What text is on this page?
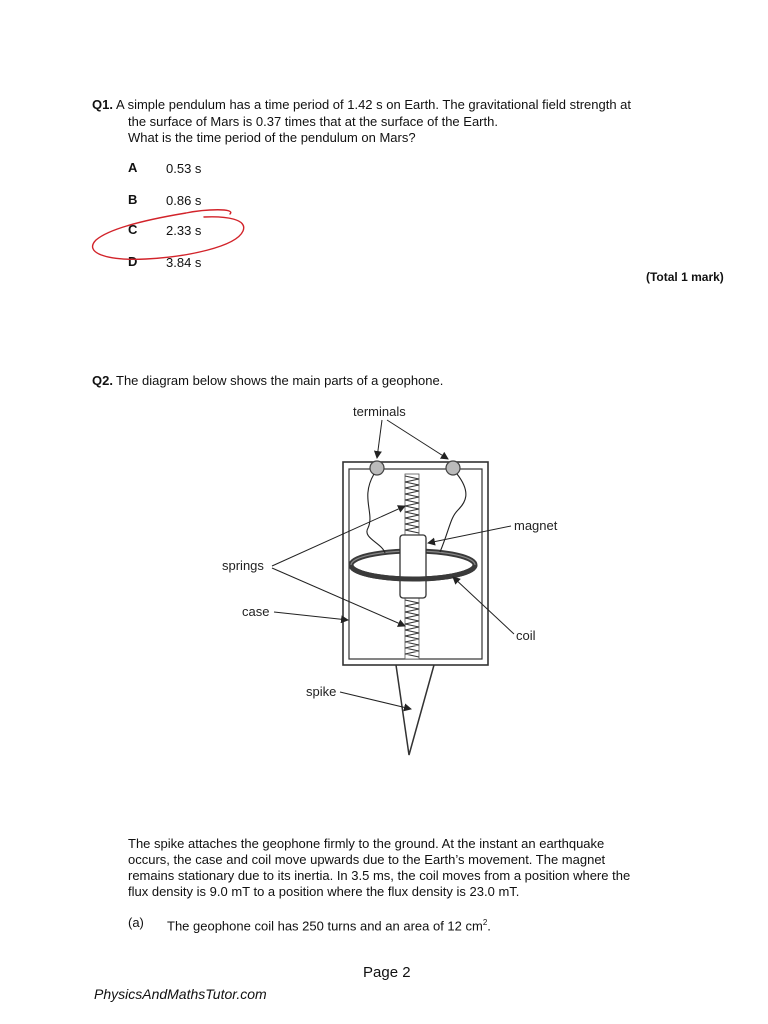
Q1. A simple pendulum has a time period of 1.42 s on Earth. The gravitational field strength at
the surface of Mars is 0.37 times that at the surface of the Earth.
What is the time period of the pendulum on Mars?
A 0.53 s
B 0.86 s
C 2.33 s
D 3.84 s
(Total 1 mark)
Q2. The diagram below shows the main parts of a geophone.
terminals
magnet
springs
case
coil
spike
The spike attaches the geophone firmly to the ground. At the instant an earthquake
occurs, the case and coil move upwards due to the Earth’s movement. The magnet
remains stationary due to its inertia. In 3.5 ms, the coil moves from a position where the
flux density is 9.0 mT to a position where the flux density is 23.0 mT.
(a) The geophone coil has 250 turns and an area of 12 $cm^2$.
Page 2
PhysicsAndMathsTutor.com
